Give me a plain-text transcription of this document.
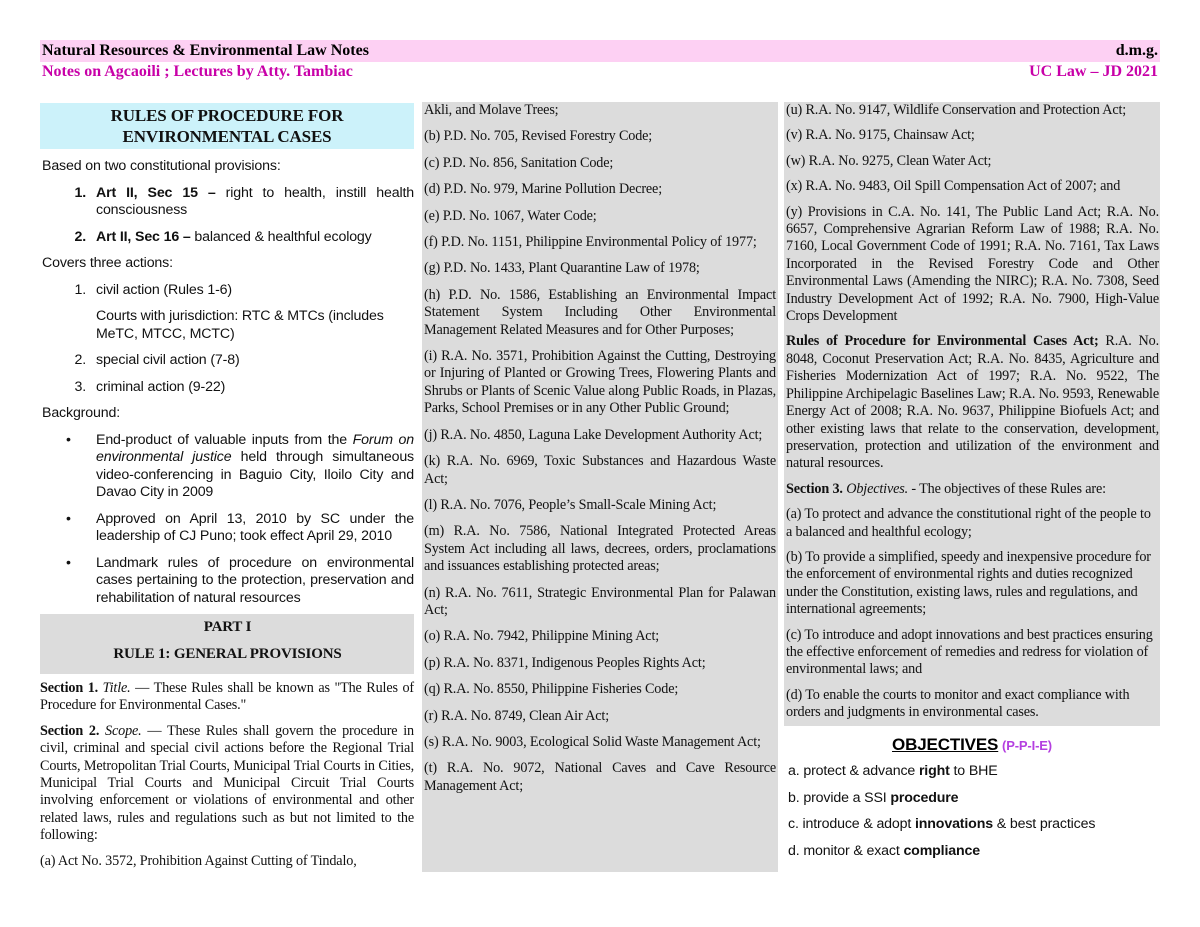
Natural Resources & Environmental Law Notes	d.m.g.
Notes on Agcaoili ; Lectures by Atty. Tambiac	UC Law – JD 2021
RULES OF PROCEDURE FOR
ENVIRONMENTAL CASES
Based on two constitutional provisions:
1. Art II, Sec 15 – right to health, instill health consciousness
2. Art II, Sec 16 – balanced & healthful ecology
Covers three actions:
1. civil action (Rules 1-6)
Courts with jurisdiction: RTC & MTCs (includes MeTC, MTCC, MCTC)
2. special civil action (7-8)
3. criminal action (9-22)
Background:
•	End-product of valuable inputs from the Forum on environmental justice held through simultaneous video-conferencing in Baguio City, Iloilo City and Davao City in 2009
•	Approved on April 13, 2010 by SC under the leadership of CJ Puno; took effect April 29, 2010
•	Landmark rules of procedure on environmental cases pertaining to the protection, preservation and rehabilitation of natural resources
PART I
RULE 1: GENERAL PROVISIONS
Section 1. Title. — These Rules shall be known as "The Rules of Procedure for Environmental Cases."
Section 2. Scope. — These Rules shall govern the procedure in civil, criminal and special civil actions before the Regional Trial Courts, Metropolitan Trial Courts, Municipal Trial Courts in Cities, Municipal Trial Courts and Municipal Circuit Trial Courts involving enforcement or violations of environmental and other related laws, rules and regulations such as but not limited to the following:
(a) Act No. 3572, Prohibition Against Cutting of Tindalo,
Akli, and Molave Trees;
(b) P.D. No. 705, Revised Forestry Code;
(c) P.D. No. 856, Sanitation Code;
(d) P.D. No. 979, Marine Pollution Decree;
(e) P.D. No. 1067, Water Code;
(f) P.D. No. 1151, Philippine Environmental Policy of 1977;
(g) P.D. No. 1433, Plant Quarantine Law of 1978;
(h) P.D. No. 1586, Establishing an Environmental Impact Statement System Including Other Environmental Management Related Measures and for Other Purposes;
(i) R.A. No. 3571, Prohibition Against the Cutting, Destroying or Injuring of Planted or Growing Trees, Flowering Plants and Shrubs or Plants of Scenic Value along Public Roads, in Plazas, Parks, School Premises or in any Other Public Ground;
(j) R.A. No. 4850, Laguna Lake Development Authority Act;
(k) R.A. No. 6969, Toxic Substances and Hazardous Waste Act;
(l) R.A. No. 7076, People’s Small-Scale Mining Act;
(m) R.A. No. 7586, National Integrated Protected Areas System Act including all laws, decrees, orders, proclamations and issuances establishing protected areas;
(n) R.A. No. 7611, Strategic Environmental Plan for Palawan Act;
(o) R.A. No. 7942, Philippine Mining Act;
(p) R.A. No. 8371, Indigenous Peoples Rights Act;
(q) R.A. No. 8550, Philippine Fisheries Code;
(r) R.A. No. 8749, Clean Air Act;
(s) R.A. No. 9003, Ecological Solid Waste Management Act;
(t) R.A. No. 9072, National Caves and Cave Resource Management Act;
(u) R.A. No. 9147, Wildlife Conservation and Protection Act;
(v) R.A. No. 9175, Chainsaw Act;
(w) R.A. No. 9275, Clean Water Act;
(x) R.A. No. 9483, Oil Spill Compensation Act of 2007; and
(y) Provisions in C.A. No. 141, The Public Land Act; R.A. No. 6657, Comprehensive Agrarian Reform Law of 1988; R.A. No. 7160, Local Government Code of 1991; R.A. No. 7161, Tax Laws Incorporated in the Revised Forestry Code and Other Environmental Laws (Amending the NIRC); R.A. No. 7308, Seed Industry Development Act of 1992; R.A. No. 7900, High-Value Crops Development
Rules of Procedure for Environmental Cases Act; R.A. No. 8048, Coconut Preservation Act; R.A. No. 8435, Agriculture and Fisheries Modernization Act of 1997; R.A. No. 9522, The Philippine Archipelagic Baselines Law; R.A. No. 9593, Renewable Energy Act of 2008; R.A. No. 9637, Philippine Biofuels Act; and other existing laws that relate to the conservation, development, preservation, protection and utilization of the environment and natural resources.
Section 3. Objectives. - The objectives of these Rules are:
(a) To protect and advance the constitutional right of the people to a balanced and healthful ecology;
(b) To provide a simplified, speedy and inexpensive procedure for the enforcement of environmental rights and duties recognized under the Constitution, existing laws, rules and regulations, and international agreements;
(c) To introduce and adopt innovations and best practices ensuring the effective enforcement of remedies and redress for violation of environmental laws; and
(d) To enable the courts to monitor and exact compliance with orders and judgments in environmental cases.
OBJECTIVES (P-P-I-E)
a. protect & advance right to BHE
b. provide a SSI procedure
c. introduce & adopt innovations & best practices
d. monitor & exact compliance
